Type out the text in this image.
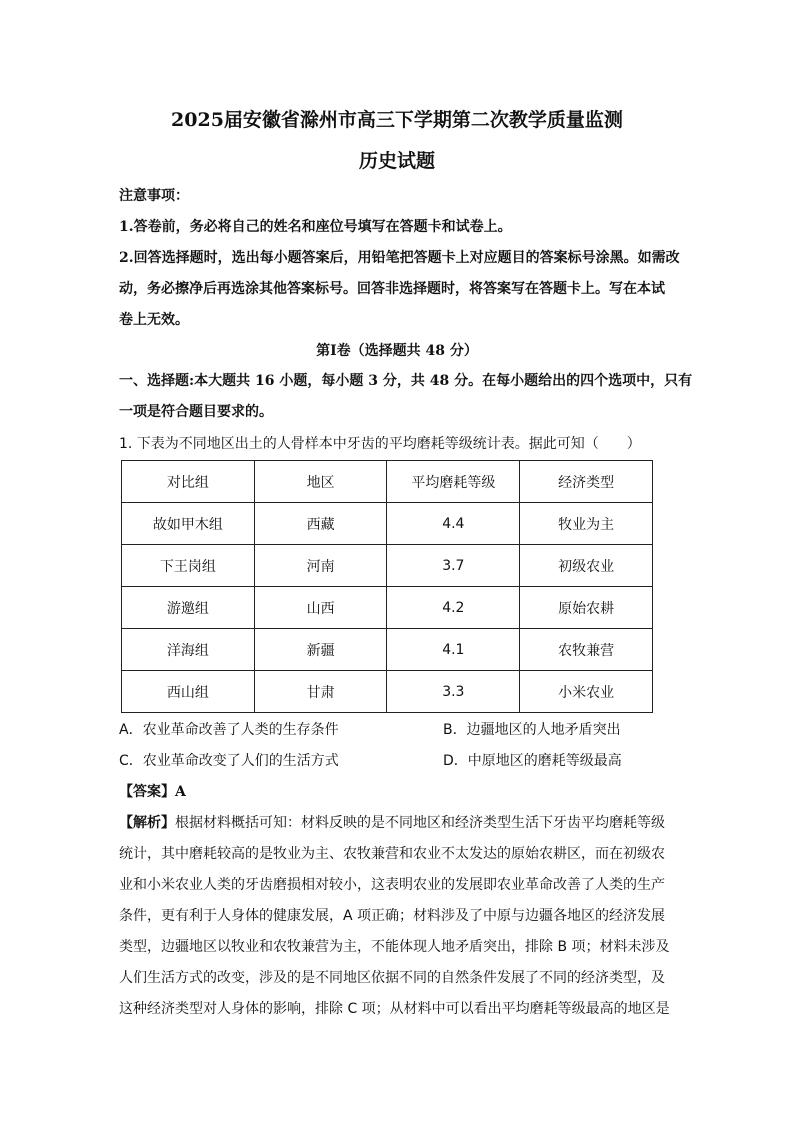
2025届安徽省滁州市高三下学期第二次教学质量监测
历史试题
注意事项：
1.答卷前，务必将自己的姓名和座位号填写在答题卡和试卷上。
2.回答选择题时，选出每小题答案后，用铅笔把答题卡上对应题目的答案标号涂黑。如需改
动，务必擦净后再选涂其他答案标号。回答非选择题时，将答案写在答题卡上。写在本试
卷上无效。
第Ⅰ卷（选择题共 48 分）
一、选择题:本大题共 16 小题，每小题 3 分，共 48 分。在每小题给出的四个选项中，只有
一项是符合题目要求的。
1. 下表为不同地区出土的人骨样本中牙齿的平均磨耗等级统计表。据此可知（　　）
对比组	地区	平均磨耗等级	经济类型
故如甲木组	西藏	4.4	牧业为主
下王岗组	河南	3.7	初级农业
游邀组	山西	4.2	原始农耕
洋海组	新疆	4.1	农牧兼营
西山组	甘肃	3.3	小米农业
A．农业革命改善了人类的生存条件	B．边疆地区的人地矛盾突出
C．农业革命改变了人们的生活方式	D．中原地区的磨耗等级最高
【答案】A
【解析】根据材料概括可知：材料反映的是不同地区和经济类型生活下牙齿平均磨耗等级
统计，其中磨耗较高的是牧业为主、农牧兼营和农业不太发达的原始农耕区，而在初级农
业和小米农业人类的牙齿磨损相对较小，这表明农业的发展即农业革命改善了人类的生产
条件，更有利于人身体的健康发展，A 项正确；材料涉及了中原与边疆各地区的经济发展
类型，边疆地区以牧业和农牧兼营为主，不能体现人地矛盾突出，排除 B 项；材料未涉及
人们生活方式的改变，涉及的是不同地区依据不同的自然条件发展了不同的经济类型，及
这种经济类型对人身体的影响，排除 C 项；从材料中可以看出平均磨耗等级最高的地区是
